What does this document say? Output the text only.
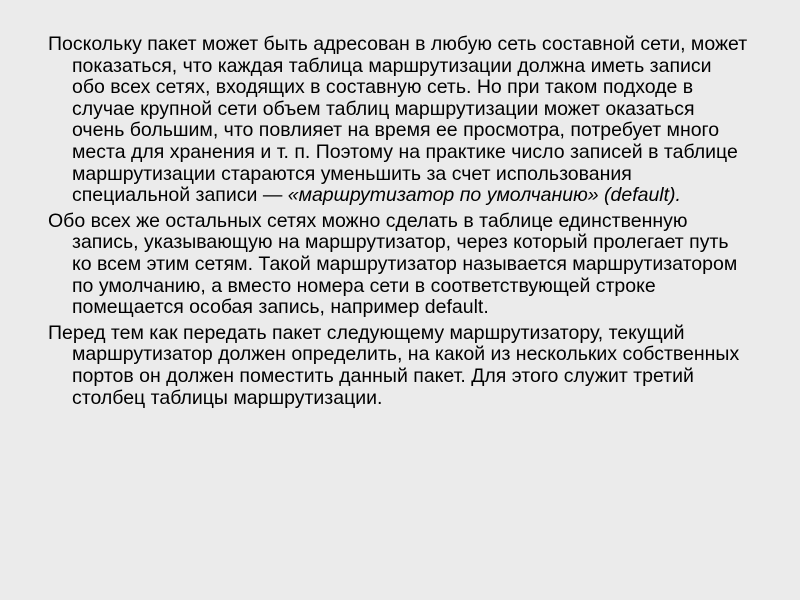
Поскольку пакет может быть адресован в любую сеть составной сети, может показаться, что каждая таблица маршрутизации должна иметь записи обо всех сетях, входящих в составную сеть. Но при таком подходе в случае крупной сети объем таблиц маршрутизации может оказаться очень большим, что повлияет на время ее просмотра, потребует много места для хранения и т. п. Поэтому на практике число записей в таблице маршрутизации стараются уменьшить за счет использования специальной записи — «маршрутизатор по умолчанию» (default).

Обо всех же остальных сетях можно сделать в таблице единственную запись, указывающую на маршрутизатор, через который пролегает путь ко всем этим сетям. Такой маршрутизатор называется маршрутизатором по умолчанию, а вместо номера сети в соответствующей строке помещается особая запись, например default.

Перед тем как передать пакет следующему маршрутизатору, текущий маршрутизатор должен определить, на какой из нескольких собственных портов он должен поместить данный пакет. Для этого служит третий столбец таблицы маршрутизации.
